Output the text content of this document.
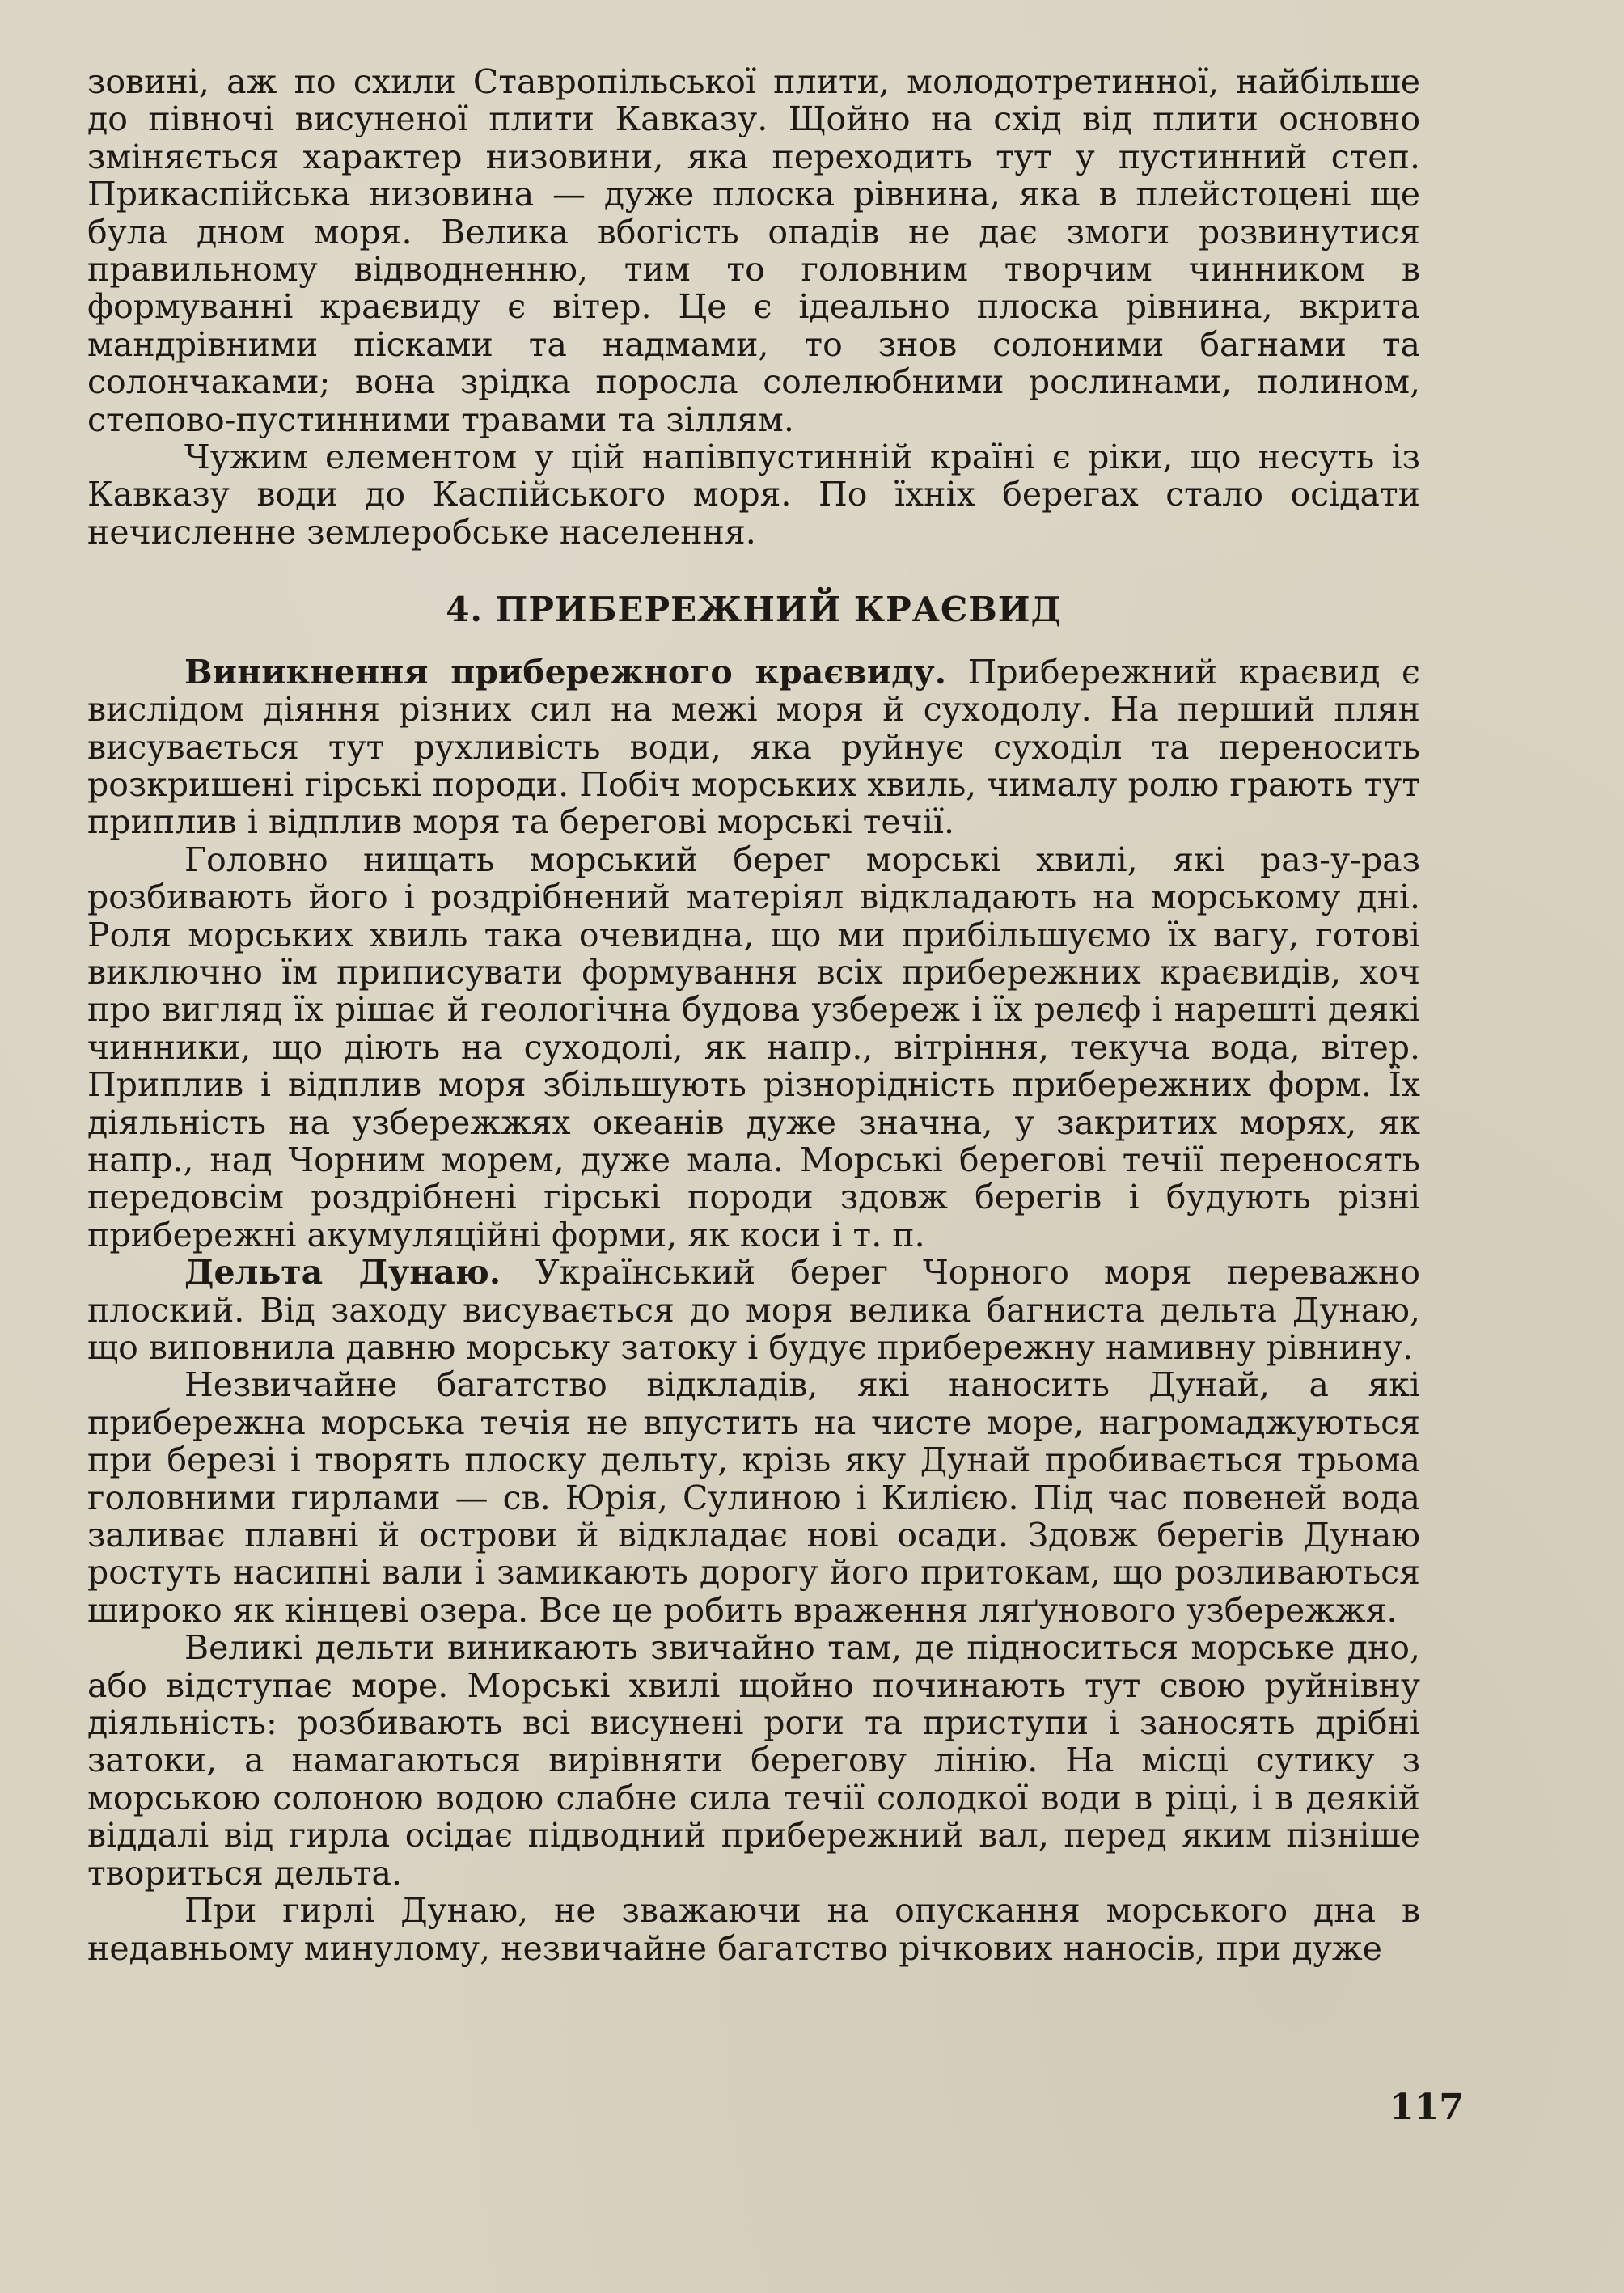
зовині, аж по схили Ставропільської плити, молодотретинної, найбільше до півночі висуненої плити Кавказу. Щойно на схід від плити основно зміняється характер низовини, яка переходить тут у пустинний степ. Прикаспійська низовина — дуже плоска рівнина, яка в плейстоцені ще була дном моря. Велика вбогість опадів не дає змоги розвинутися правильному відводненню, тим то головним творчим чинником в формуванні краєвиду є вітер. Це є ідеально плоска рівнина, вкрита мандрівними пісками та надмами, то знов солоними багнами та солончаками; вона зрідка поросла солелюбними рослинами, полином, степово-пустинними травами та зіллям.

Чужим елементом у цій напівпустинній країні є ріки, що несуть із Кавказу води до Каспійського моря. По їхніх берегах стало осідати нечисленне землеробське населення.

4. ПРИБЕРЕЖНИЙ КРАЄВИД

Виникнення прибережного краєвиду. Прибережний краєвид є вислідом діяння різних сил на межі моря й суходолу. На перший плян висувається тут рухливість води, яка руйнує суходіл та переносить розкришені гірські породи. Побіч морських хвиль, чималу ролю грають тут приплив і відплив моря та берегові морські течії.

Головно нищать морський берег морські хвилі, які раз-у-раз розбивають його і роздрібнений матеріял відкладають на морському дні. Роля морських хвиль така очевидна, що ми прибільшуємо їх вагу, готові виключно їм приписувати формування всіх прибережних краєвидів, хоч про вигляд їх рішає й геологічна будова узбереж і їх релєф і нарешті деякі чинники, що діють на суходолі, як напр., вітріння, текуча вода, вітер. Приплив і відплив моря збільшують різнорідність прибережних форм. Їх діяльність на узбережжях океанів дуже значна, у закритих морях, як напр., над Чорним морем, дуже мала. Морські берегові течії переносять передовсім роздрібнені гірські породи здовж берегів і будують різні прибережні акумуляційні форми, як коси і т. п.

Дельта Дунаю. Український берег Чорного моря переважно плоский. Від заходу висувається до моря велика багниста дельта Дунаю, що виповнила давню морську затоку і будує прибережну намивну рівнину.

Незвичайне багатство відкладів, які наносить Дунай, а які прибережна морська течія не впустить на чисте море, нагромаджуються при березі і творять плоску дельту, крізь яку Дунай пробивається трьома головними гирлами — св. Юрія, Сулиною і Килією. Під час повеней вода заливає плавні й острови й відкладає нові осади. Здовж берегів Дунаю ростуть насипні вали і замикають дорогу його притокам, що розливаються широко як кінцеві озера. Все це робить враження ляґунового узбережжя.

Великі дельти виникають звичайно там, де підноситься морське дно, або відступає море. Морські хвилі щойно починають тут свою руйнівну діяльність: розбивають всі висунені роги та приступи і заносять дрібні затоки, а намагаються вирівняти берегову лінію. На місці сутику з морською солоною водою слабне сила течії солодкої води в ріці, і в деякій віддалі від гирла осідає підводний прибережний вал, перед яким пізніше твориться дельта.

При гирлі Дунаю, не зважаючи на опускання морського дна в недавньому минулому, незвичайне багатство річкових наносів, при дуже

117
